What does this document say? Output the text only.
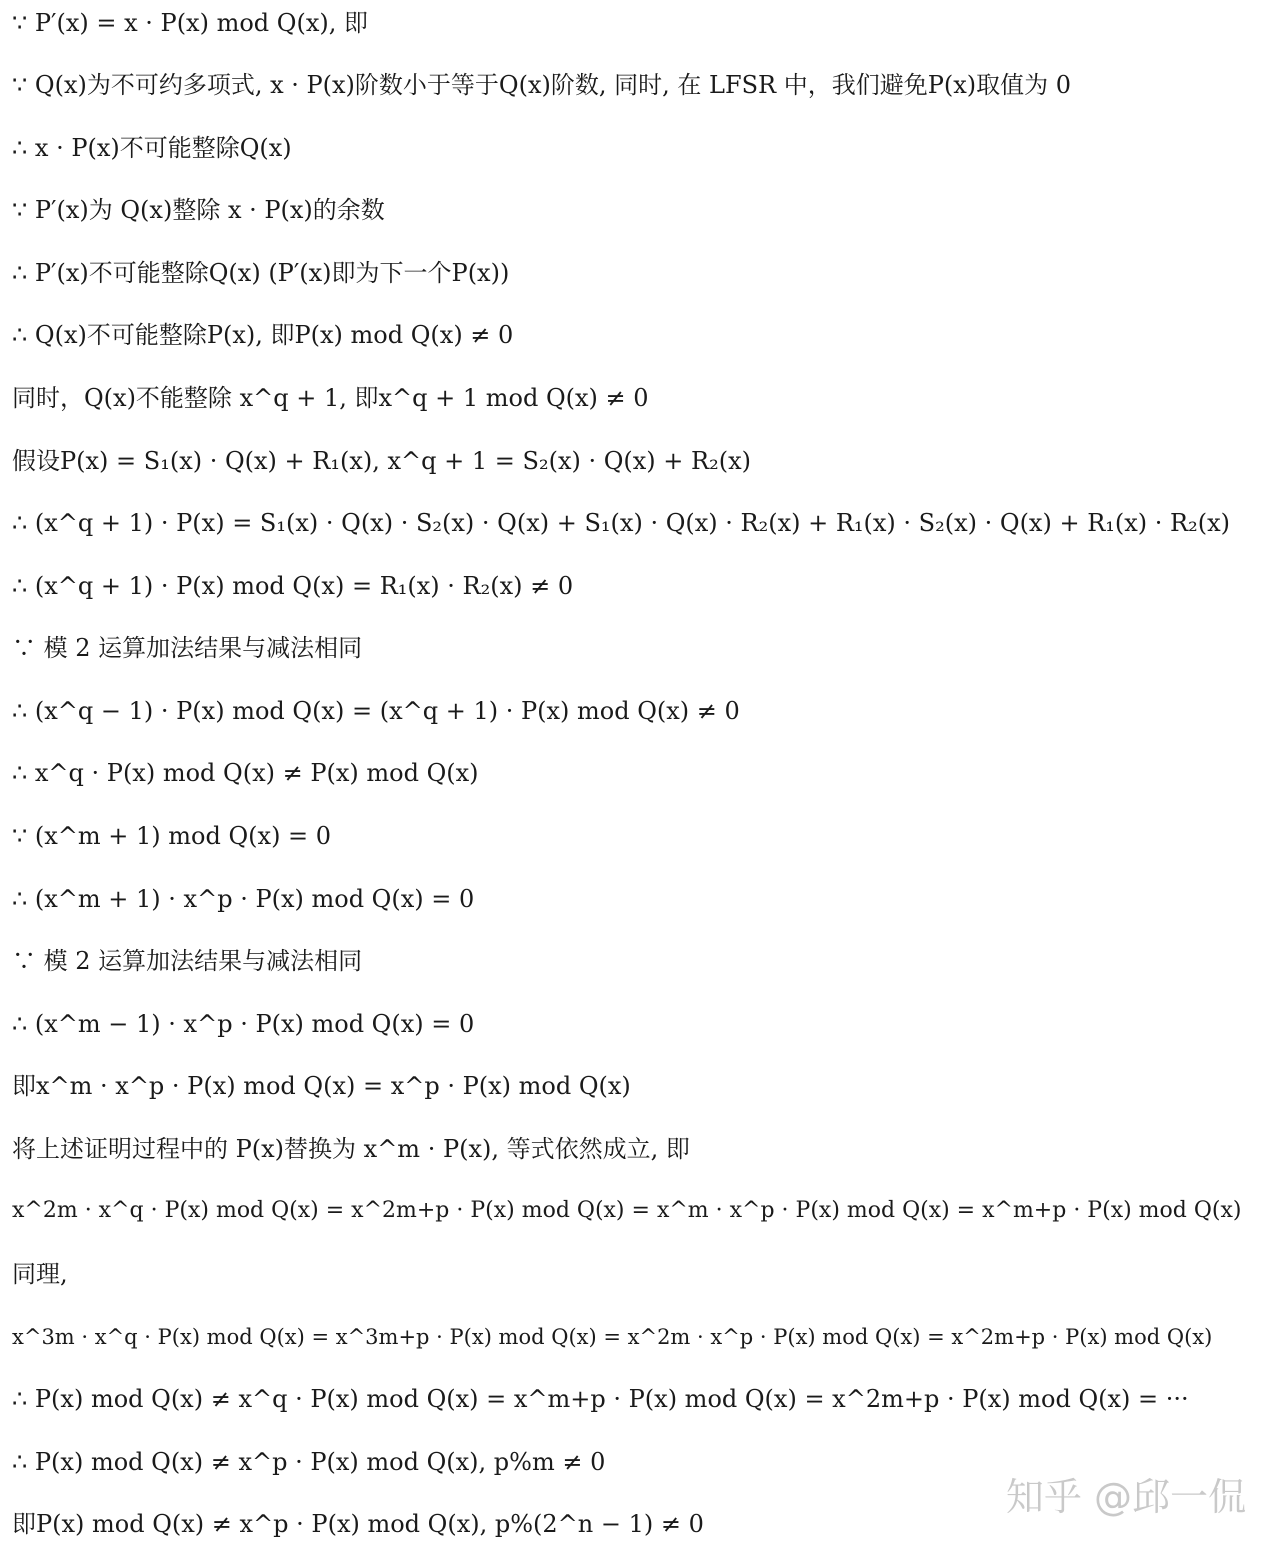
∵ P′(x) = x · P(x) mod Q(x), 即
∵ Q(x)为不可约多项式, x · P(x)阶数小于等于Q(x)阶数, 同时, 在 LFSR 中，我们避免P(x)取值为 0
∴ x · P(x)不可能整除Q(x)
∵ P′(x)为 Q(x)整除 x · P(x)的余数
∴ P′(x)不可能整除Q(x) (P′(x)即为下一个P(x))
∴ Q(x)不可能整除P(x), 即P(x) mod Q(x) ≠ 0
同时，Q(x)不能整除 x^q + 1, 即x^q + 1 mod Q(x) ≠ 0
假设P(x) = S₁(x) · Q(x) + R₁(x), x^q + 1 = S₂(x) · Q(x) + R₂(x)
∴ (x^q + 1) · P(x) = S₁(x) · Q(x) · S₂(x) · Q(x) + S₁(x) · Q(x) · R₂(x) + R₁(x) · S₂(x) · Q(x) + R₁(x) · R₂(x)
∴ (x^q + 1) · P(x) mod Q(x) = R₁(x) · R₂(x) ≠ 0
∵ 模 2 运算加法结果与减法相同
∴ (x^q − 1) · P(x) mod Q(x) = (x^q + 1) · P(x) mod Q(x) ≠ 0
∴ x^q · P(x) mod Q(x) ≠ P(x) mod Q(x)
∵ (x^m + 1) mod Q(x) = 0
∴ (x^m + 1) · x^p · P(x) mod Q(x) = 0
∵ 模 2 运算加法结果与减法相同
∴ (x^m − 1) · x^p · P(x) mod Q(x) = 0
即x^m · x^p · P(x) mod Q(x) = x^p · P(x) mod Q(x)
将上述证明过程中的 P(x)替换为 x^m · P(x), 等式依然成立, 即
x^2m · x^q · P(x) mod Q(x) = x^2m+p · P(x) mod Q(x) = x^m · x^p · P(x) mod Q(x) = x^m+p · P(x) mod Q(x)
同理,
x^3m · x^q · P(x) mod Q(x) = x^3m+p · P(x) mod Q(x) = x^2m · x^p · P(x) mod Q(x) = x^2m+p · P(x) mod Q(x)
∴ P(x) mod Q(x) ≠ x^q · P(x) mod Q(x) = x^m+p · P(x) mod Q(x) = x^2m+p · P(x) mod Q(x) = ···
∴ P(x) mod Q(x) ≠ x^p · P(x) mod Q(x), p%m ≠ 0
即P(x) mod Q(x) ≠ x^p · P(x) mod Q(x), p%(2^n − 1) ≠ 0
知乎 @邱一侃
